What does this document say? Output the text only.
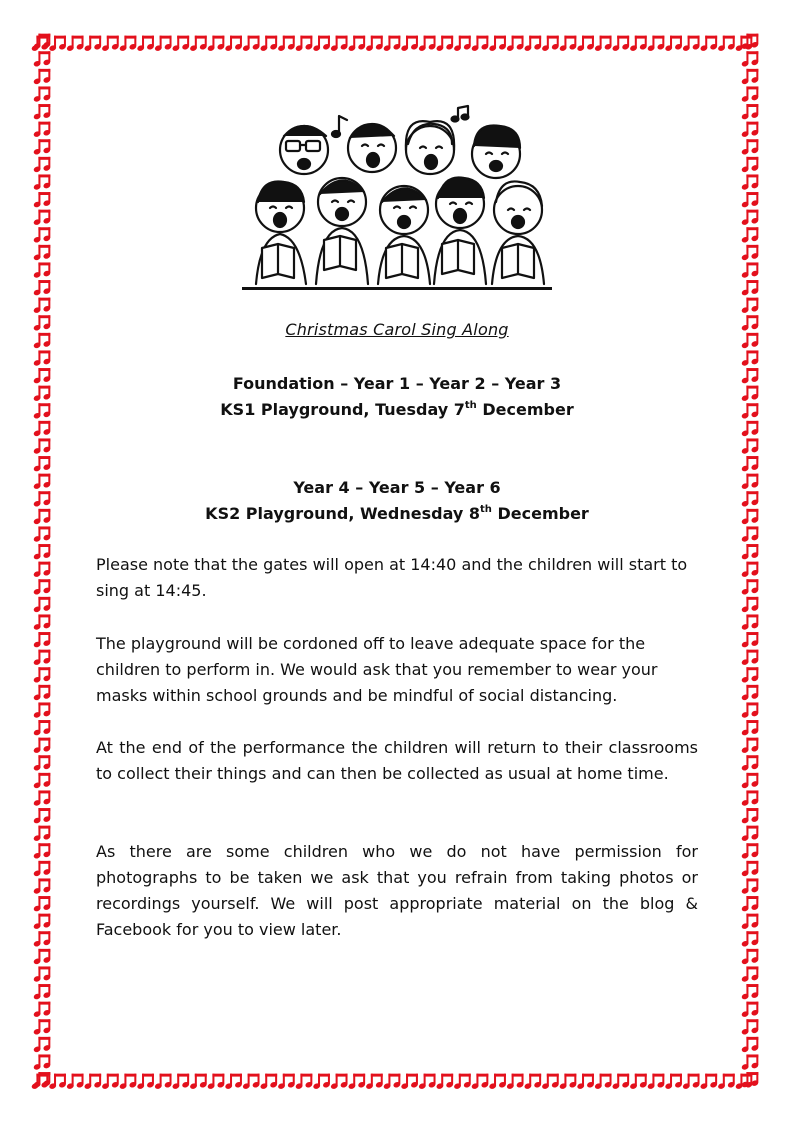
Christmas Carol Sing Along
Foundation – Year 1 – Year 2 – Year 3
KS1 Playground, Tuesday 7th December
Year 4 – Year 5 – Year 6
KS2 Playground, Wednesday 8th December

Please note that the gates will open at 14:40 and the children will start to sing at 14:45.

The playground will be cordoned off to leave adequate space for the children to perform in. We would ask that you remember to wear your masks within school grounds and be mindful of social distancing.

At the end of the performance the children will return to their classrooms to collect their things and can then be collected as usual at home time.

As there are some children who we do not have permission for photographs to be taken we ask that you refrain from taking photos or recordings yourself. We will post appropriate material on the blog & Facebook for you to view later.
